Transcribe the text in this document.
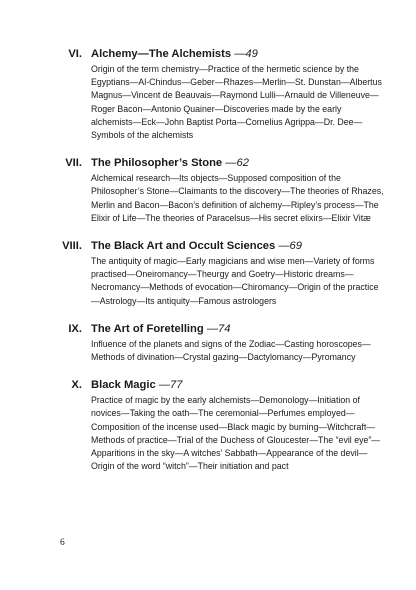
VI. Alchemy—The Alchemists —49

Origin of the term chemistry—Practice of the hermetic science by the Egyptians—Al-Chindus—Geber—Rhazes—Merlin—St. Dunstan—Albertus Magnus—Vincent de Beauvais—Raymond Lulli—Arnauld de Villeneuve—Roger Bacon—Antonio Quainer—Discoveries made by the early alchemists—Eck—John Baptist Porta—Cornelius Agrippa—Dr. Dee—Symbols of the alchemists

VII. The Philosopher’s Stone —62

Alchemical research—Its objects—Supposed composition of the Philosopher’s Stone—Claimants to the discovery—The theories of Rhazes, Merlin and Bacon—Bacon’s definition of alchemy—Ripley’s process—The Elixir of Life—The theories of Paracelsus—His secret elixirs—Elixir Vitæ

VIII. The Black Art and Occult Sciences —69

The antiquity of magic—Early magicians and wise men—Variety of forms practised—Oneiromancy—Theurgy and Goetry—Historic dreams—Necromancy—Methods of evocation—Chiromancy—Origin of the practice—Astrology—Its antiquity—Famous astrologers

IX. The Art of Foretelling —74

Influence of the planets and signs of the Zodiac—Casting horoscopes—Methods of divination—Crystal gazing—Dactylomancy—Pyromancy

X. Black Magic —77

Practice of magic by the early alchemists—Demonology—Initiation of novices—Taking the oath—The ceremonial—Perfumes employed—Composition of the incense used—Black magic by burning—Witchcraft—Methods of practice—Trial of the Duchess of Gloucester—The “evil eye”—Apparitions in the sky—A witches’ Sabbath—Appearance of the devil—Origin of the word “witch”—Their initiation and pact

6
